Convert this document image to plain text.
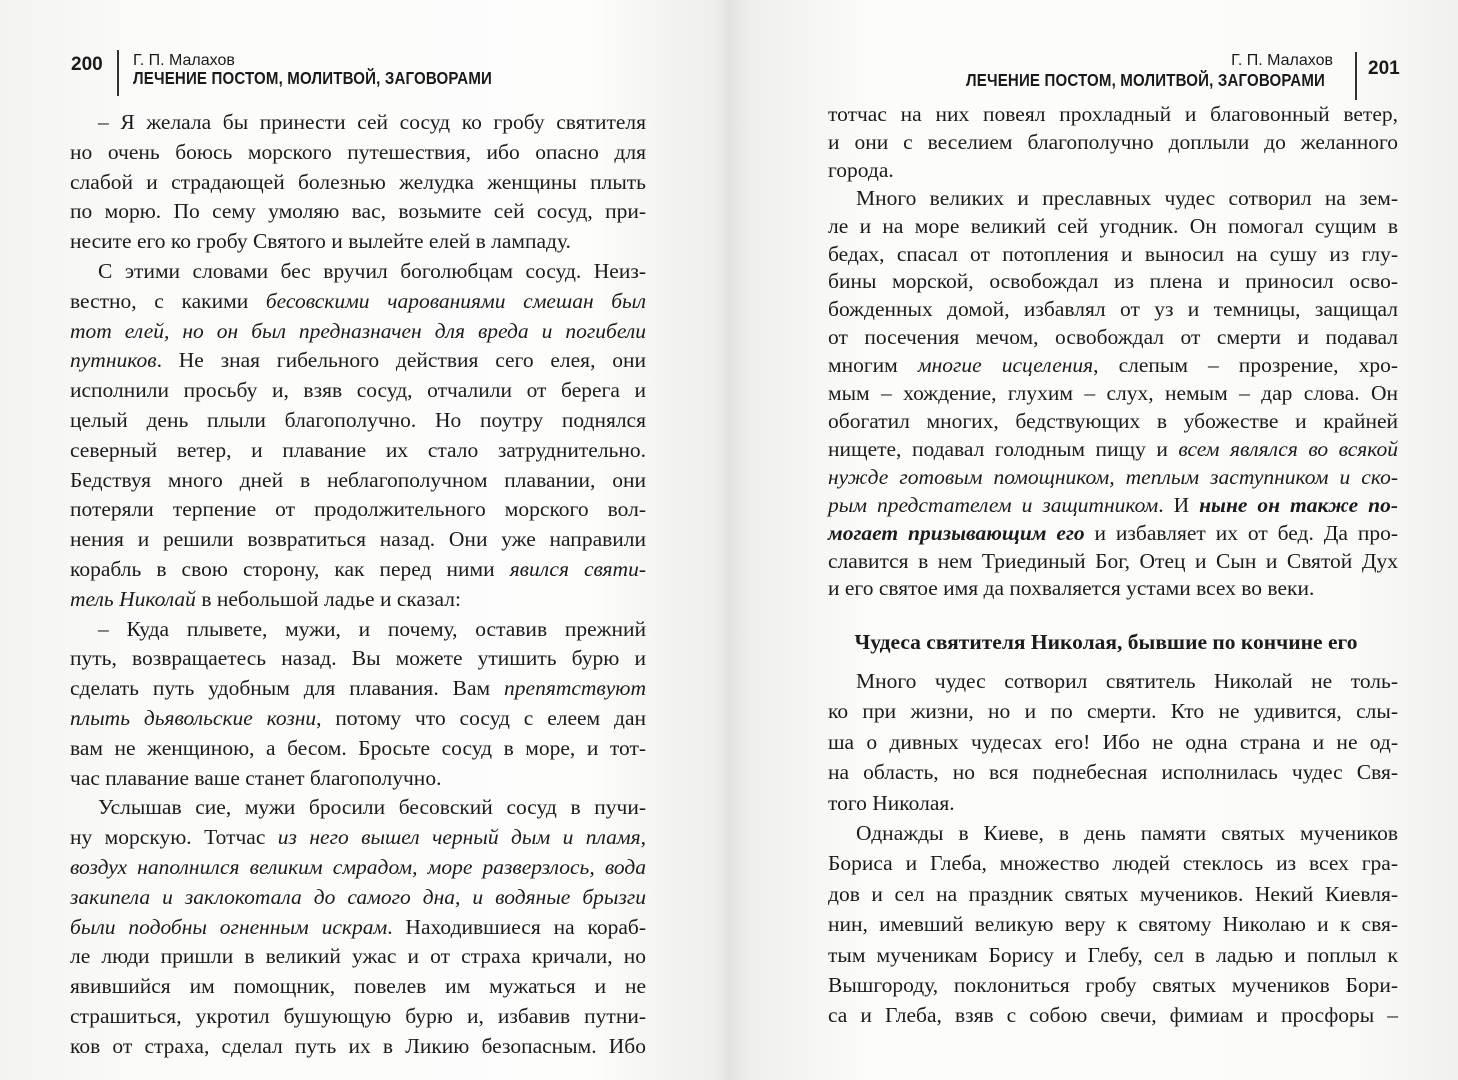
200 Г. П. Малахов
ЛЕЧЕНИЕ ПОСТОМ, МОЛИТВОЙ, ЗАГОВОРАМИ
Г. П. Малахов
ЛЕЧЕНИЕ ПОСТОМ, МОЛИТВОЙ, ЗАГОВОРАМИ
201
– Я желала бы принести сей сосуд ко гробу святителя
но очень боюсь морского путешествия, ибо опасно для
слабой и страдающей болезнью желудка женщины плыть
по морю. По сему умоляю вас, возьмите сей сосуд, при-
несите его ко гробу Святого и вылейте елей в лампаду.
С этими словами бес вручил боголюбцам сосуд. Неиз-
вестно, с какими бесовскими чарованиями смешан был
тот елей, но он был предназначен для вреда и погибели
путников. Не зная гибельного действия сего елея, они
исполнили просьбу и, взяв сосуд, отчалили от берега и
целый день плыли благополучно. Но поутру поднялся
северный ветер, и плавание их стало затруднительно.
Бедствуя много дней в неблагополучном плавании, они
потеряли терпение от продолжительного морского вол-
нения и решили возвратиться назад. Они уже направили
корабль в свою сторону, как перед ними явился святи-
тель Николай в небольшой ладье и сказал:
– Куда плывете, мужи, и почему, оставив прежний
путь, возвращаетесь назад. Вы можете утишить бурю и
сделать путь удобным для плавания. Вам препятствуют
плыть дьявольские козни, потому что сосуд с елеем дан
вам не женщиною, а бесом. Бросьте сосуд в море, и тот-
час плавание ваше станет благополучно.
Услышав сие, мужи бросили бесовский сосуд в пучи-
ну морскую. Тотчас из него вышел черный дым и пламя,
воздух наполнился великим смрадом, море разверзлось, вода
закипела и заклокотала до самого дна, и водяные брызги
были подобны огненным искрам. Находившиеся на кораб-
ле люди пришли в великий ужас и от страха кричали, но
явившийся им помощник, повелев им мужаться и не
страшиться, укротил бушующую бурю и, избавив путни-
ков от страха, сделал путь их в Ликию безопасным. Ибо
тотчас на них повеял прохладный и благовонный ветер,
и они с веселием благополучно доплыли до желанного
города.
Много великих и преславных чудес сотворил на зем-
ле и на море великий сей угодник. Он помогал сущим в
бедах, спасал от потопления и выносил на сушу из глу-
бины морской, освобождал из плена и приносил осво-
божденных домой, избавлял от уз и темницы, защищал
от посечения мечом, освобождал от смерти и подавал
многим многие исцеления, слепым – прозрение, хро-
мым – хождение, глухим – слух, немым – дар слова. Он
обогатил многих, бедствующих в убожестве и крайней
нищете, подавал голодным пищу и всем являлся во всякой
нужде готовым помощником, теплым заступником и ско-
рым предстателем и защитником. И ныне он также по-
могает призывающим его и избавляет их от бед. Да про-
славится в нем Триединый Бог, Отец и Сын и Святой Дух
и его святое имя да похваляется устами всех во веки.
Чудеса святителя Николая, бывшие по кончине его
Много чудес сотворил святитель Николай не толь-
ко при жизни, но и по смерти. Кто не удивится, слы-
ша о дивных чудесах его! Ибо не одна страна и не од-
на область, но вся поднебесная исполнилась чудес Свя-
того Николая.
Однажды в Киеве, в день памяти святых мучеников
Бориса и Глеба, множество людей стеклось из всех гра-
дов и сел на праздник святых мучеников. Некий Киевля-
нин, имевший великую веру к святому Николаю и к свя-
тым мученикам Борису и Глебу, сел в ладью и поплыл к
Вышгороду, поклониться гробу святых мучеников Бори-
са и Глеба, взяв с собою свечи, фимиам и просфоры –
